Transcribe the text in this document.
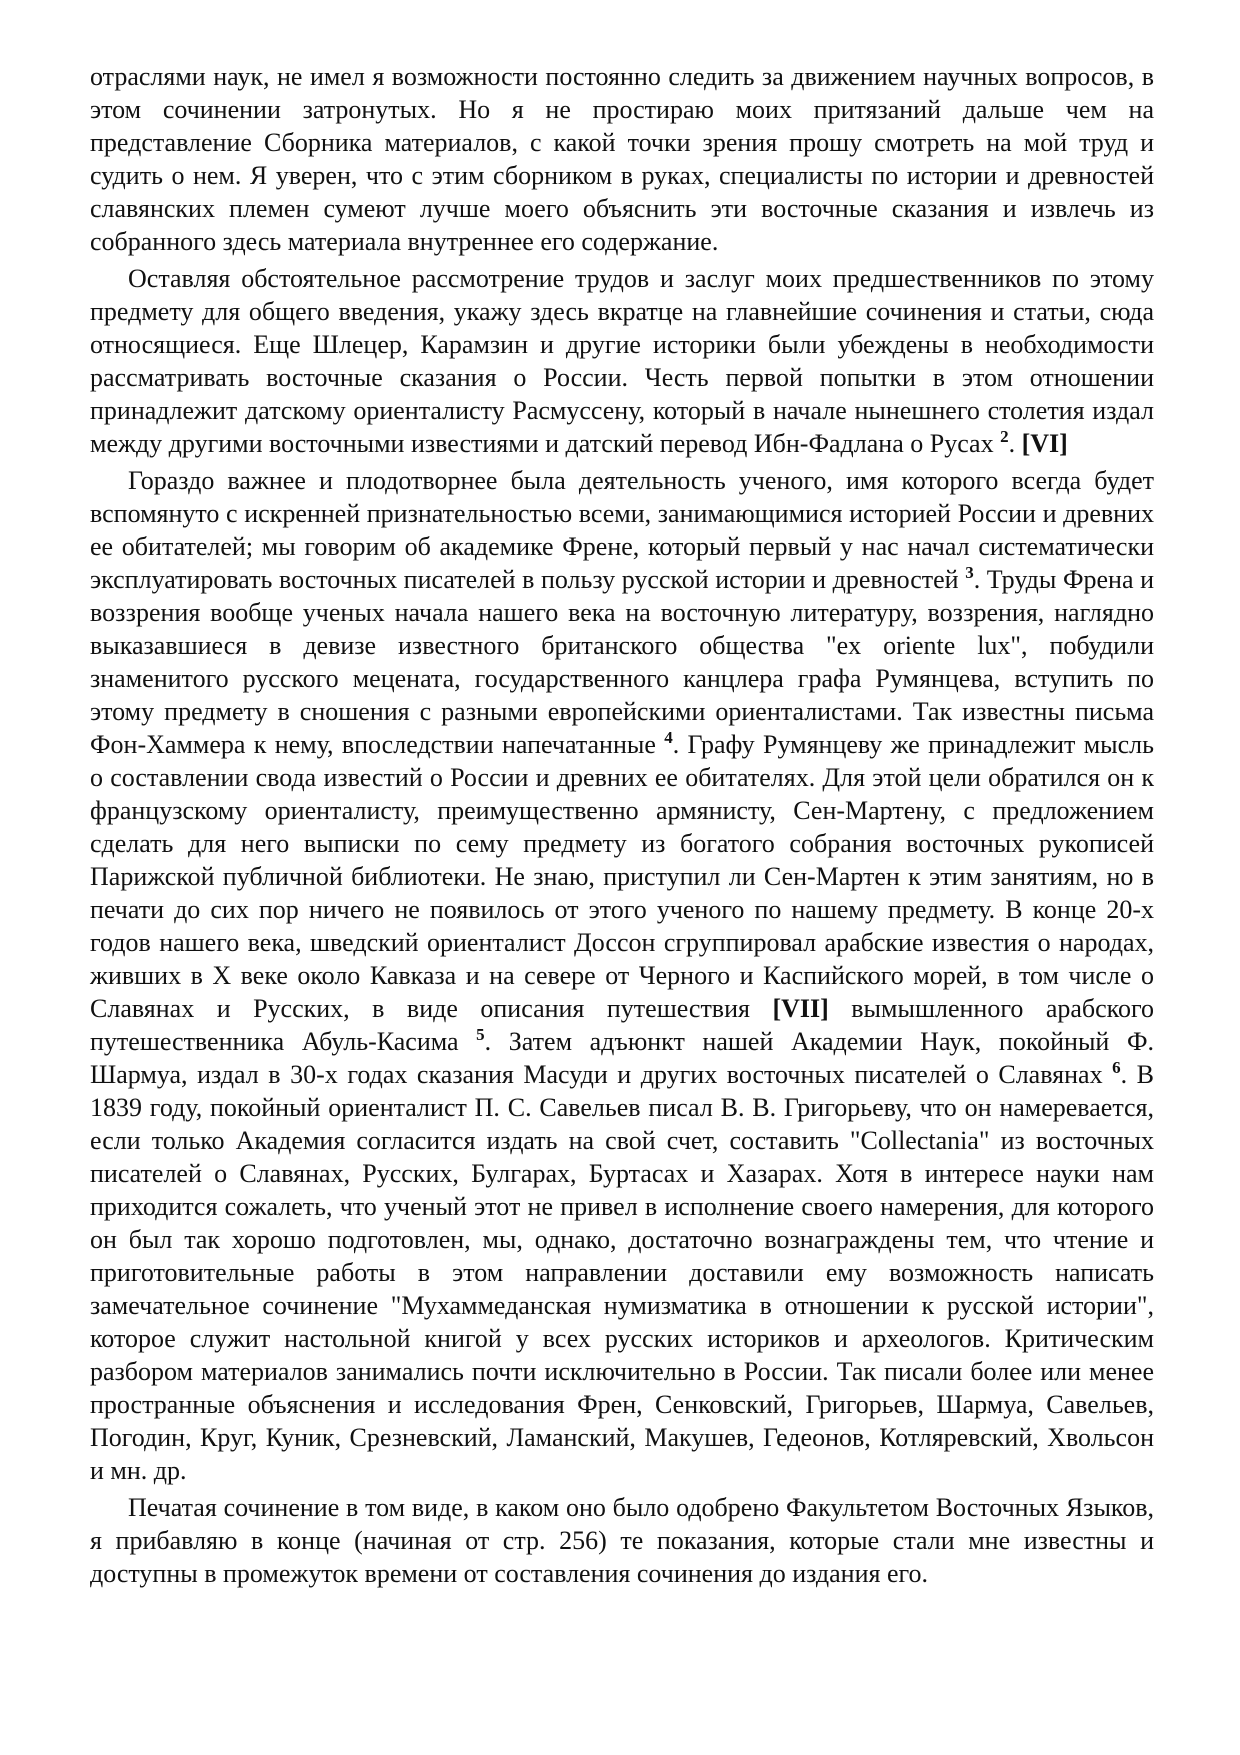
отраслями наук, не имел я возможности постоянно следить за движением научных вопросов, в этом сочинении затронутых. Но я не простираю моих притязаний дальше чем на представление Сборника материалов, с какой точки зрения прошу смотреть на мой труд и судить о нем. Я уверен, что с этим сборником в руках, специалисты по истории и древностей славянских племен сумеют лучше моего объяснить эти восточные сказания и извлечь из собранного здесь материала внутреннее его содержание.

Оставляя обстоятельное рассмотрение трудов и заслуг моих предшественников по этому предмету для общего введения, укажу здесь вкратце на главнейшие сочинения и статьи, сюда относящиеся. Еще Шлецер, Карамзин и другие историки были убеждены в необходимости рассматривать восточные сказания о России. Честь первой попытки в этом отношении принадлежит датскому ориенталисту Расмуссену, который в начале нынешнего столетия издал между другими восточными известиями и датский перевод Ибн-Фадлана о Русах $^2$. [VI]

Гораздо важнее и плодотворнее была деятельность ученого, имя которого всегда будет вспомянуто с искренней признательностью всеми, занимающимися историей России и древних ее обитателей; мы говорим об академике Френе, который первый у нас начал систематически эксплуатировать восточных писателей в пользу русской истории и древностей $^3$. Труды Френа и воззрения вообще ученых начала нашего века на восточную литературу, воззрения, наглядно выказавшиеся в девизе известного британского общества "ex oriente lux", побудили знаменитого русского мецената, государственного канцлера графа Румянцева, вступить по этому предмету в сношения с разными европейскими ориенталистами. Так известны письма Фон-Хаммера к нему, впоследствии напечатанные $^4$. Графу Румянцеву же принадлежит мысль о составлении свода известий о России и древних ее обитателях. Для этой цели обратился он к французскому ориенталисту, преимущественно армянисту, Сен-Мартену, с предложением сделать для него выписки по сему предмету из богатого собрания восточных рукописей Парижской публичной библиотеки. Не знаю, приступил ли Сен-Мартен к этим занятиям, но в печати до сих пор ничего не появилось от этого ученого по нашему предмету. В конце 20-х годов нашего века, шведский ориенталист Доссон сгруппировал арабские известия о народах, живших в X веке около Кавказа и на севере от Черного и Каспийского морей, в том числе о Славянах и Русских, в виде описания путешествия [VII] вымышленного арабского путешественника Абуль-Касима $^5$. Затем адъюнкт нашей Академии Наук, покойный Ф. Шармуа, издал в 30-х годах сказания Масуди и других восточных писателей о Славянах $^6$. В 1839 году, покойный ориенталист П. С. Савельев писал В. В. Григорьеву, что он намеревается, если только Академия согласится издать на свой счет, составить "Collectania" из восточных писателей о Славянах, Русских, Булгарах, Буртасах и Хазарах. Хотя в интересе науки нам приходится сожалеть, что ученый этот не привел в исполнение своего намерения, для которого он был так хорошо подготовлен, мы, однако, достаточно вознаграждены тем, что чтение и приготовительные работы в этом направлении доставили ему возможность написать замечательное сочинение "Мухаммеданская нумизматика в отношении к русской истории", которое служит настольной книгой у всех русских историков и археологов. Критическим разбором материалов занимались почти исключительно в России. Так писали более или менее пространные объяснения и исследования Френ, Сенковский, Григорьев, Шармуа, Савельев, Погодин, Круг, Куник, Срезневский, Ламанский, Макушев, Гедеонов, Котляревский, Хвольсон и мн. др.

Печатая сочинение в том виде, в каком оно было одобрено Факультетом Восточных Языков, я прибавляю в конце (начиная от стр. 256) те показания, которые стали мне известны и доступны в промежуток времени от составления сочинения до издания его.
